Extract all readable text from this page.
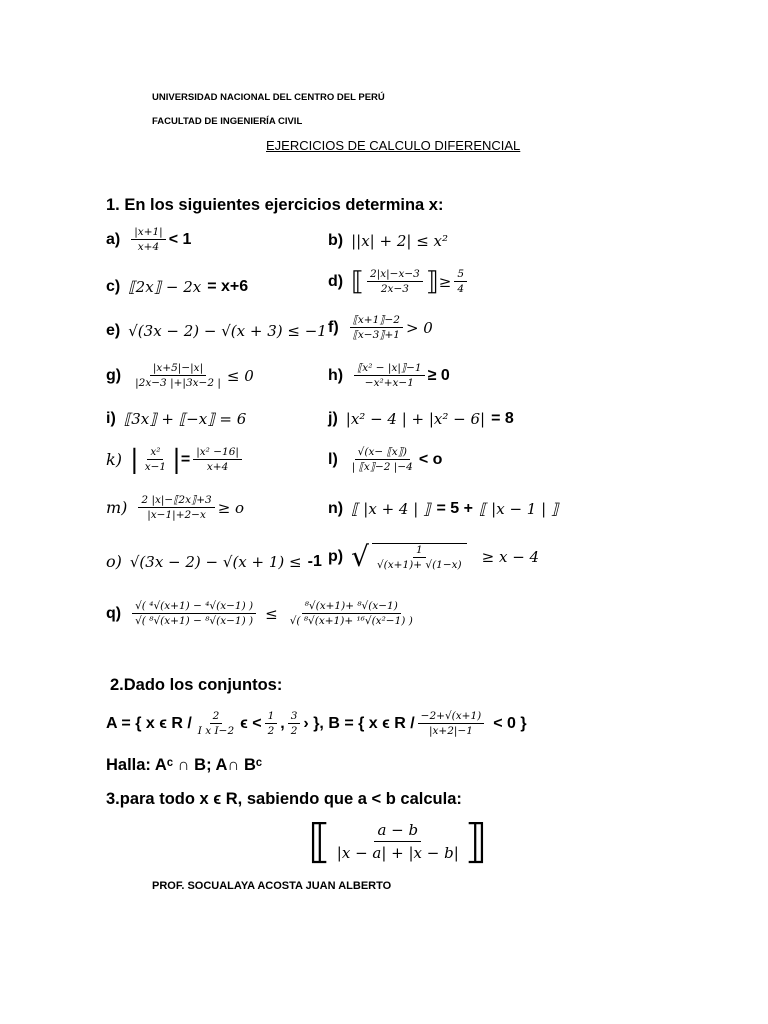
UNIVERSIDAD NACIONAL DEL CENTRO DEL PERÚ
FACULTAD DE INGENIERÍA CIVIL
EJERCICIOS DE CALCULO DIFERENCIAL
1. En los siguientes ejercicios determina x:
$a) \frac{|x+1|}{x+4} < 1$	b) ||x| + 2| ≤ x²
c) ⟦2x⟧ − 2x = x+6	d) ⟦ $\frac{2|x|-x-3}{2x-3}$ ⟧ ≥ $\frac{5}{4}$
e) √(3x − 2) − √(x + 3) ≤ −1 $f) \frac{⟦x+1⟧-2}{⟦x-3⟧+1} > 0$
$g) \frac{|x+5|-|x|}{|2x-3 |+|3x-2 |} \le 0$	$h) \frac{\text{⟦x² − |x|⟧−1}}{\text{−x²+x−1}} \ge 0$
i) ⟦3x⟧ + ⟦−x⟧ = 6	j) |x² − 4 | + |x² − 6| = 8
k) | $\frac{\text{x²}}{x-1}$ | = $\frac{\text{|x² −16|}}{x+4}$	$l) \frac{√(x- ⟦x⟧)}{| ⟦x⟧-2 |-4} < o$
$m) \frac{2 |x|-⟦2x⟧+3}{|x-1|+2-x} \ge o$	n) ⟦ |x + 4 | ⟧ = 5 + ⟦ |x − 1 | ⟧
o) √(3x − 2) − √(x + 1) ≤ -1 p) √ $\frac{1}{√(x+1)+ √(1-x)} \ge x - 4$
$q) \frac{\text{√( ⁴√(x+1) − ⁴√(x−1) )}}{\text{√( ⁸√(x+1) − ⁸√(x−1) )}} \le \frac{\text{⁸√(x+1)+ ⁸√(x−1)}}{\text{√( ⁸√(x+1)+ ¹⁶√(x²−1) )}}$
2.Dado los conjuntos:
A = { x ϵ R / $\frac{2}{\text{I x I−2}}$ $\epsilon < \frac{1}{2}$ , $\frac{3}{2}$ › }, B = { x ϵ $R / \frac{-2+√(x+1)}{|x+2|-1} < 0$ }
Halla: Aᶜ ∩ B; A∩ Bᶜ
3.para todo x ϵ R, sabiendo que a < b calcula:
⟦ $\frac{a - b}{|x - a| + |x - b|}$ ⟧
PROF. SOCUALAYA ACOSTA JUAN ALBERTO
